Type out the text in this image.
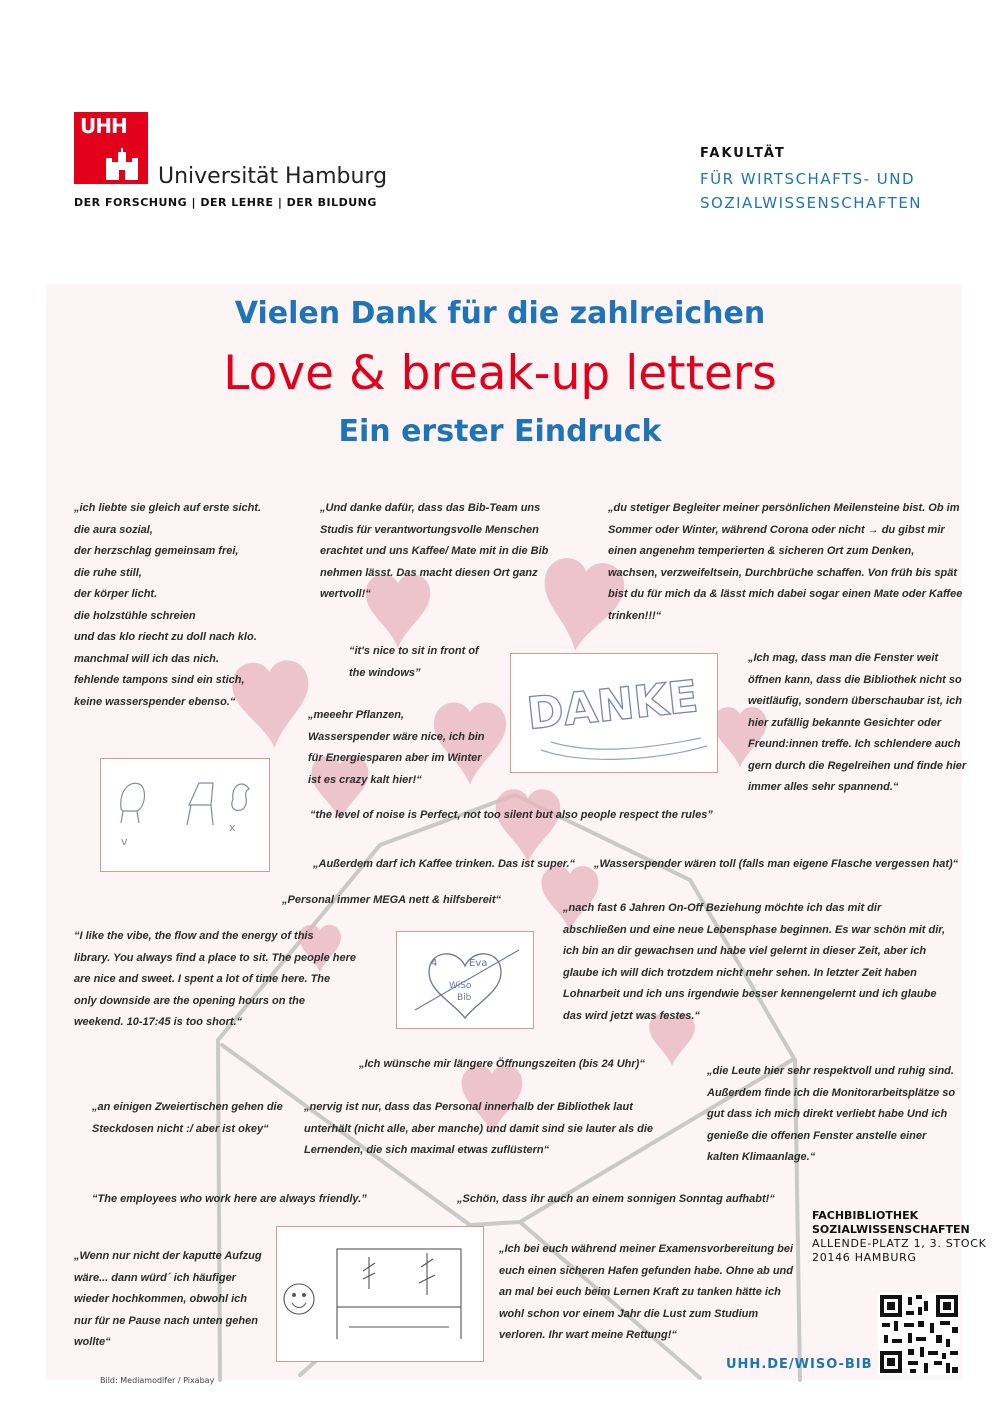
UHH
Universität Hamburg
DER FORSCHUNG | DER LEHRE | DER BILDUNG
FAKULTÄT
FÜR WIRTSCHAFTS- UND
SOZIALWISSENSCHAFTEN
Vielen Dank für die zahlreichen
Love & break-up letters
Ein erster Eindruck
DANKE
v
x
4	Eva
WiSo
Bib
„ich liebte sie gleich auf erste sicht.
die aura sozial,
der herzschlag gemeinsam frei,
die ruhe still,
der körper licht.
die holzstühle schreien
und das klo riecht zu doll nach klo.
manchmal will ich das nich.
fehlende tampons sind ein stich,
keine wasserspender ebenso.“
„Und danke dafür, dass das Bib-Team uns
Studis für verantwortungsvolle Menschen
erachtet und uns Kaffee/ Mate mit in die Bib
nehmen lässt. Das macht diesen Ort ganz
wertvoll!“
„du stetiger Begleiter meiner persönlichen Meilensteine bist. Ob im
Sommer oder Winter, während Corona oder nicht → du gibst mir
einen angenehm temperierten & sicheren Ort zum Denken,
wachsen, verzweifeltsein, Durchbrüche schaffen. Von früh bis spät
bist du für mich da & lässt mich dabei sogar einen Mate oder Kaffee
trinken!!!“
“it's nice to sit in front of
the windows”
„Ich mag, dass man die Fenster weit
öffnen kann, dass die Bibliothek nicht so
weitläufig, sondern überschaubar ist, ich
hier zufällig bekannte Gesichter oder
Freund:innen treffe. Ich schlendere auch
gern durch die Regelreihen und finde hier
immer alles sehr spannend.“
„meeehr Pflanzen,
Wasserspender wäre nice, ich bin
für Energiesparen aber im Winter
ist es crazy kalt hier!“
“the level of noise is Perfect, not too silent but also people respect the rules”
„Außerdem darf ich Kaffee trinken. Das ist super.“ „Wasserspender wären toll (falls man eigene Flasche vergessen hat)“
„Personal immer MEGA nett & hilfsbereit“
„nach fast 6 Jahren On-Off Beziehung möchte ich das mit dir
abschließen und eine neue Lebensphase beginnen. Es war schön mit dir,
ich bin an dir gewachsen und habe viel gelernt in dieser Zeit, aber ich
glaube ich will dich trotzdem nicht mehr sehen. In letzter Zeit haben
Lohnarbeit und ich uns irgendwie besser kennengelernt und ich glaube
das wird jetzt was festes.“
“I like the vibe, the flow and the energy of this
library. You always find a place to sit. The people here
are nice and sweet. I spent a lot of time here. The
only downside are the opening hours on the
weekend. 10-17:45 is too short.“
„Ich wünsche mir längere Öffnungszeiten (bis 24 Uhr)“
„die Leute hier sehr respektvoll und ruhig sind.
Außerdem finde ich die Monitorarbeitsplätze so
gut dass ich mich direkt verliebt habe Und ich
genieße die offenen Fenster anstelle einer
kalten Klimaanlage.“
„an einigen Zweiertischen gehen die
Steckdosen nicht :/ aber ist okey“
„nervig ist nur, dass das Personal innerhalb der Bibliothek laut
unterhält (nicht alle, aber manche) und damit sind sie lauter als die
Lernenden, die sich maximal etwas zuflüstern“
“The employees who work here are always friendly.”	„Schön, dass ihr auch an einem sonnigen Sonntag aufhabt!“
„Wenn nur nicht der kaputte Aufzug
wäre... dann würd´ ich häufiger
wieder hochkommen, obwohl ich
nur für ne Pause nach unten gehen
wollte“
„Ich bei euch während meiner Examensvorbereitung bei
euch einen sicheren Hafen gefunden habe. Ohne ab und
an mal bei euch beim Lernen Kraft zu tanken hätte ich
wohl schon vor einem Jahr die Lust zum Studium
verloren. Ihr wart meine Rettung!“
FACHBIBLIOTHEK
SOZIALWISSENSCHAFTEN
ALLENDE-PLATZ 1, 3. STOCK
20146 HAMBURG
UHH.DE/WISO-BIB
Bild: Mediamodifer / Pixabay
